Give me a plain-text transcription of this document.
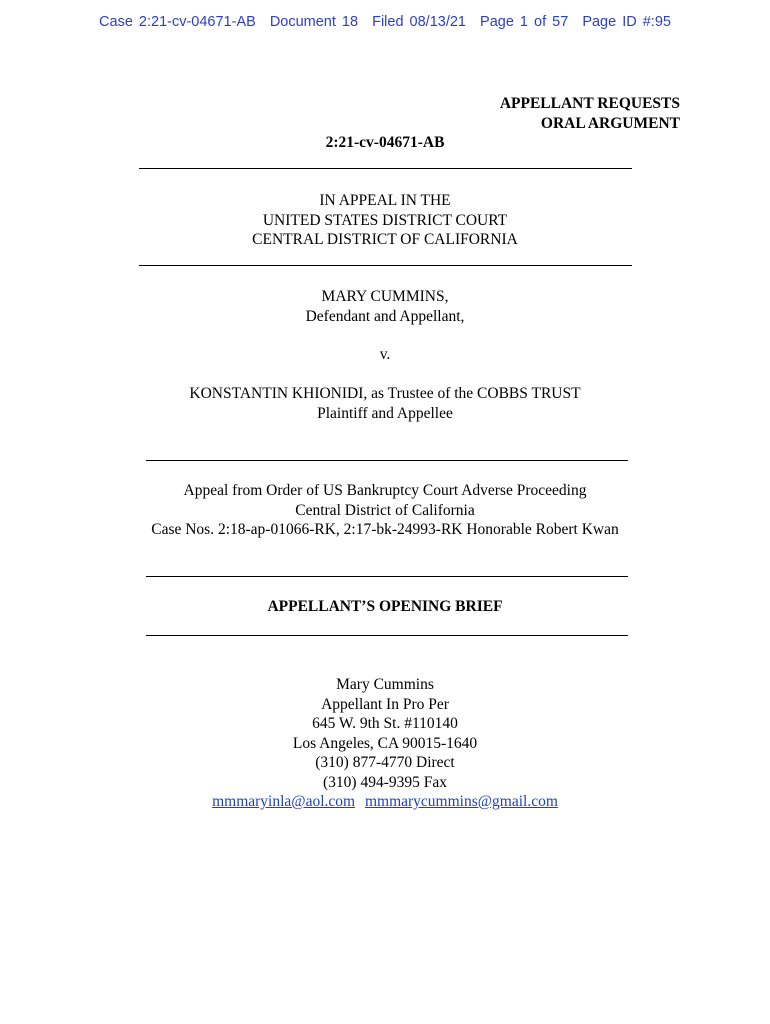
Case 2:21-cv-04671-AB Document 18 Filed 08/13/21 Page 1 of 57 Page ID #:95
APPELLANT REQUESTS
ORAL ARGUMENT
2:21-cv-04671-AB
IN APPEAL IN THE
UNITED STATES DISTRICT COURT
CENTRAL DISTRICT OF CALIFORNIA
MARY CUMMINS,
Defendant and Appellant,
v.
KONSTANTIN KHIONIDI, as Trustee of the COBBS TRUST
Plaintiff and Appellee
Appeal from Order of US Bankruptcy Court Adverse Proceeding
Central District of California
Case Nos. 2:18-ap-01066-RK, 2:17-bk-24993-RK Honorable Robert Kwan
APPELLANT’S OPENING BRIEF
Mary Cummins
Appellant In Pro Per
645 W. 9th St. #110140
Los Angeles, CA 90015-1640
(310) 877-4770 Direct
(310) 494-9395 Fax
mmmaryinla@aol.com mmmarycummins@gmail.com
